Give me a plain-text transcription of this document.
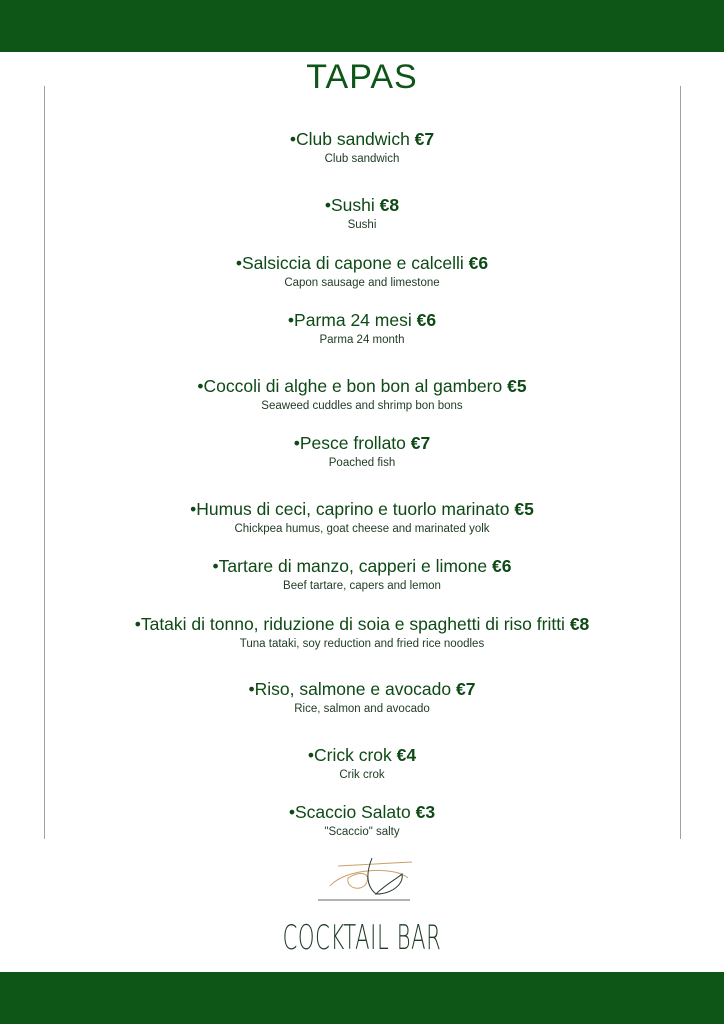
TAPAS
•Club sandwich €7
Club sandwich
•Sushi €8
Sushi
•Salsiccia di capone e calcelli €6
Capon sausage and limestone
•Parma 24 mesi €6
Parma 24 month
•Coccoli di alghe e bon bon al gambero €5
Seaweed cuddles and shrimp bon bons
•Pesce frollato €7
Poached fish
•Humus di ceci, caprino e tuorlo marinato €5
Chickpea humus, goat cheese and marinated yolk
•Tartare di manzo, capperi e limone €6
Beef tartare, capers and lemon
•Tataki di tonno, riduzione di soia e spaghetti di riso fritti €8
Tuna tataki, soy reduction and fried rice noodles
•Riso, salmone e avocado €7
Rice, salmon and avocado
•Crick crok €4
Crik crok
•Scaccio Salato €3
"Scaccio" salty
COCKTAIL BAR
